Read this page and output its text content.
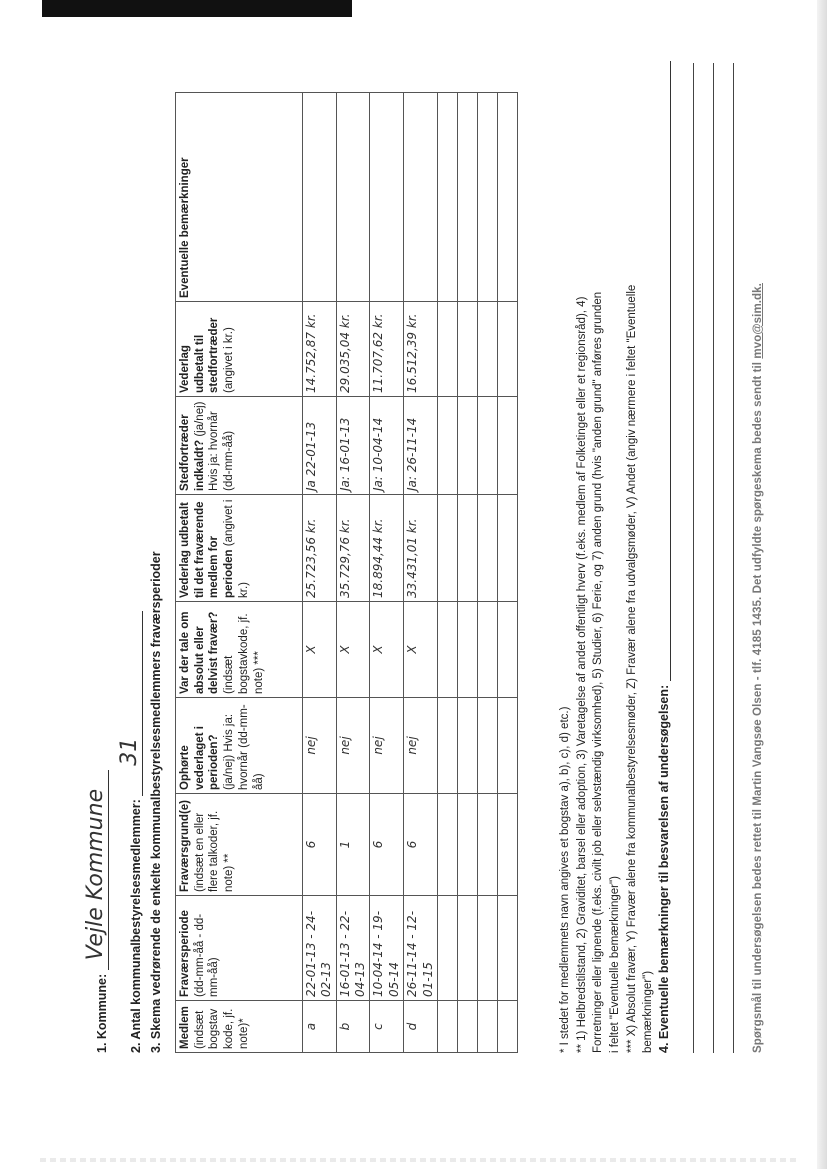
1. Kommune: Vejle Kommune	2. Antal kommunalbestyrelsesmedlemmer: 31 3. Skema vedrørende de enkelte kommunalbestyrelsesmedlemmers fraværsperioder Medlem (indsæt bogstav kode, jf. note)*	Fraværsperiode (dd-mm-åå - dd-mm-åå)	Fraværsgrund(e) (indsæt en eller flere talkoder, jf. note) **	Ophørte vederlaget i perioden? (ja/nej) Hvis ja: hvornår (dd-mm-åå)	Var der tale om absolut eller delvist fravær? (indsæt bogstavkode, jf. note) ***	Vederlag udbetalt til det fraværende medlem for perioden (angivet i kr.)	Stedfortræder indkaldt? (ja/nej) Hvis ja: hvornår (dd-mm-åå)	Vederlag udbetalt til stedfortræder (angivet i kr.)	Eventuelle bemærkninger
a	22-01-13 - 24-02-13	6	nej	X	25.723,56 kr.	Ja 22-01-13	14.752,87 kr.	
b	16-01-13 - 22-04-13	1	nej	X	35.729,76 kr.	Ja: 16-01-13	29.035,04 kr.	
c	10-04-14 - 19-05-14	6	nej	X	18.894,44 kr.	Ja: 10-04-14	11.707,62 kr.	
d	26-11-14 - 12-01-15	6	nej	X	33.431,01 kr.	Ja: 26-11-14	16.512,39 kr.	

* I stedet for medlemmets navn angives et bogstav a), b), c), d) etc.) ** 1) Helbredstilstand, 2) Graviditet, barsel eller adoption, 3) Varetagelse af andet offentligt hverv (f.eks. medlem af Folketinget eller et regionsråd), 4) Forretninger eller lignende (f.eks. civilt job eller selvstændig virksomhed), 5) Studier, 6) Ferie, og 7) anden grund (hvis "anden grund" anføres grunden i feltet "Eventuelle bemærkninger") *** X) Absolut fravær, Y) Fravær alene fra kommunalbestyrelsesmøder, Z) Fravær alene fra udvalgsmøder, V) Andet (angiv nærmere i feltet "Eventuelle bemærkninger") 4. Eventuelle bemærkninger til besvarelsen af undersøgelsen:	Spørgsmål til undersøgelsen bedes rettet til Martin Vangsøe Olsen - tlf. 4185 1435. Det udfyldte spørgeskema bedes sendt til mvo@sim.dk.
